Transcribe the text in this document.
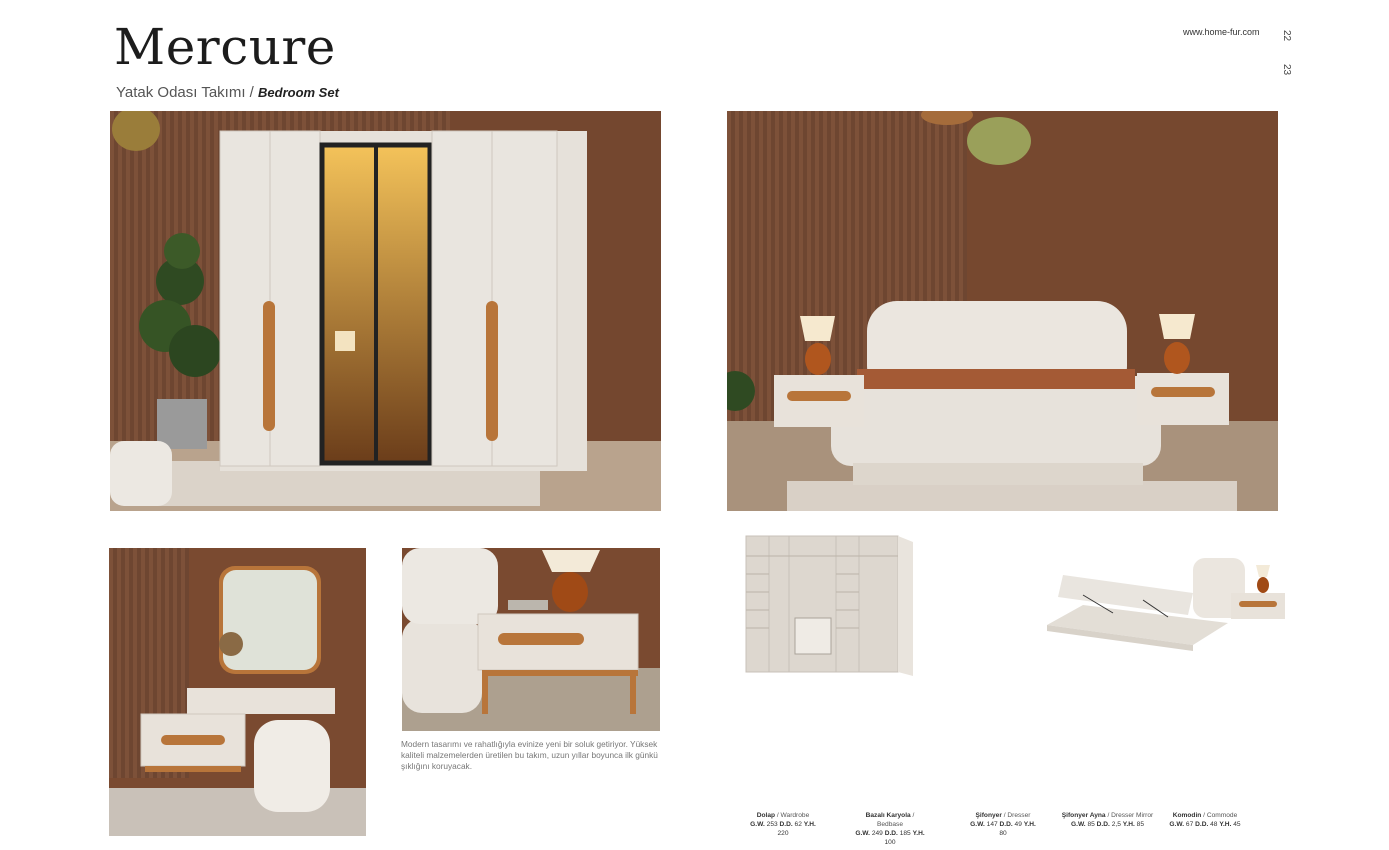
Mercure
Yatak Odası Takımı / Bedroom Set
www.home-fur.com 22
23
Modern tasarımı ve rahatlığıyla evinize yeni bir soluk getiriyor. Yüksek kaliteli malzemelerden üretilen bu takım, uzun yıllar boyunca ilk günkü şıklığını koruyacak.
Dolap / Wardrobe
G.W. 253 D.D. 62 Y.H. 220
Bazalı Karyola / Bedbase
G.W. 249 D.D. 185 Y.H. 100
Şifonyer / Dresser
G.W. 147 D.D. 49 Y.H. 80
Şifonyer Ayna / Dresser Mirror
G.W. 85 D.D. 2,5 Y.H. 85
Komodin / Commode
G.W. 67 D.D. 48 Y.H. 45
